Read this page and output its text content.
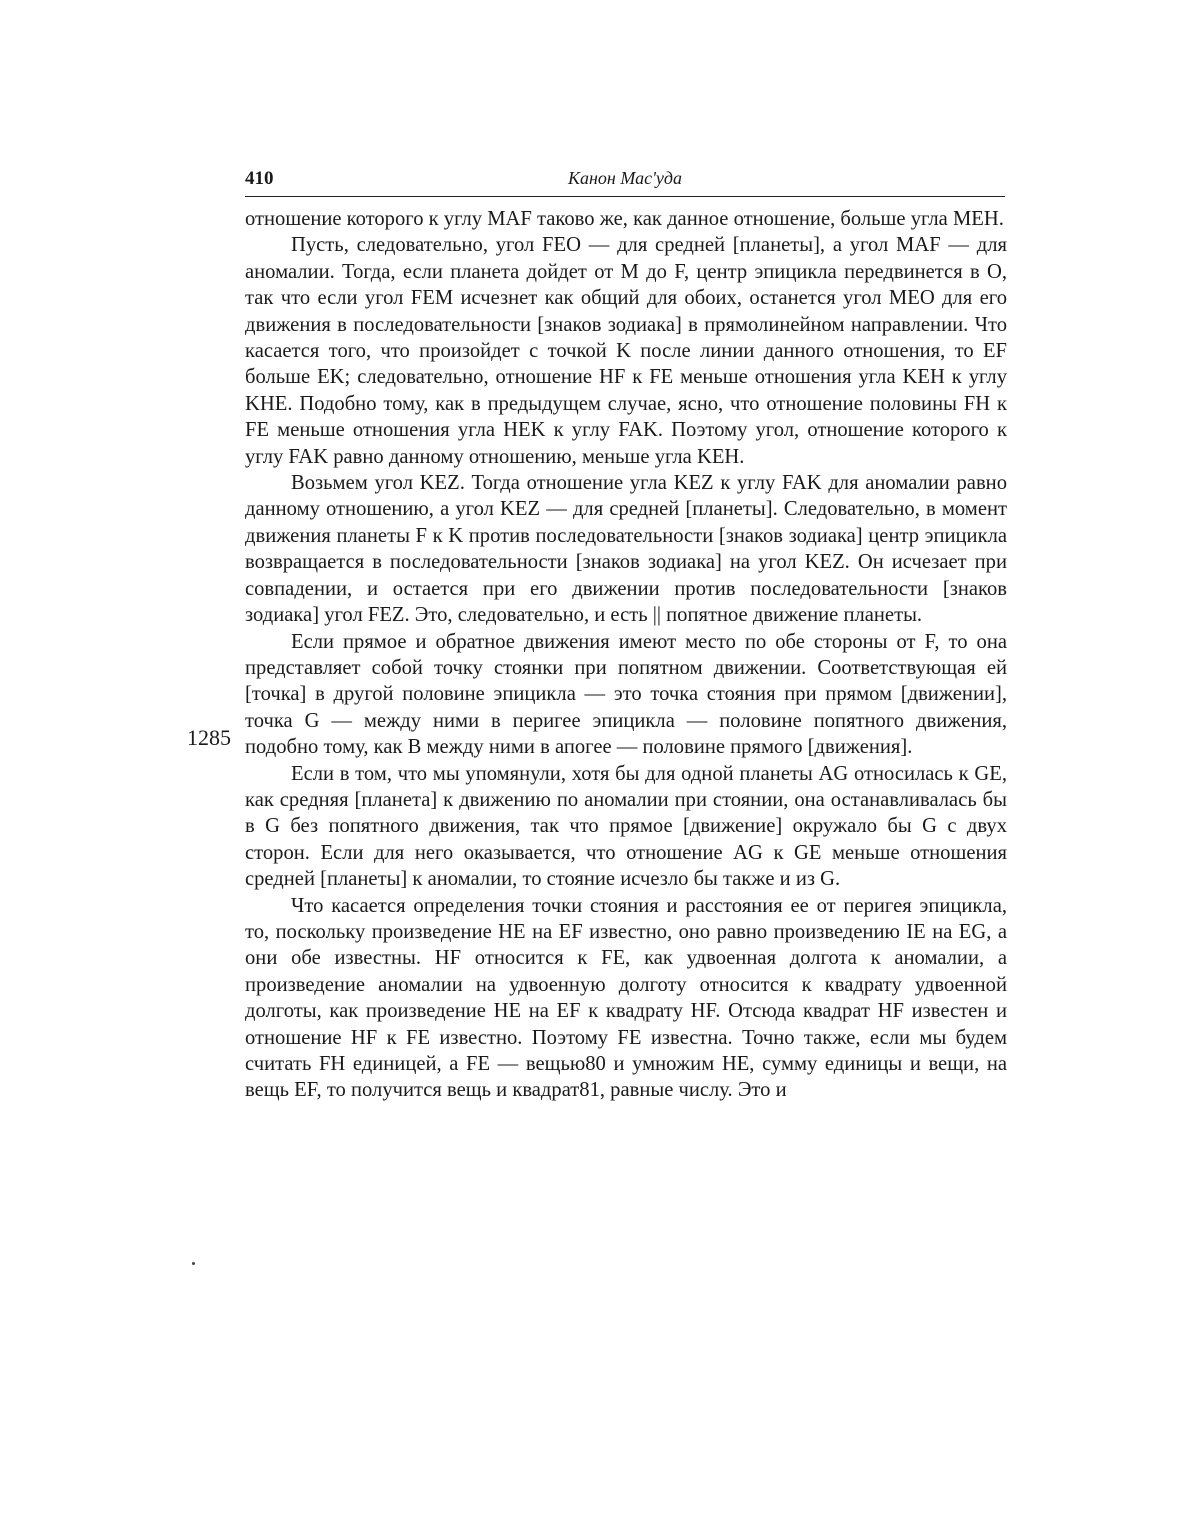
410	Канон Мас'уда
1285

отношение которого к углу MAF таково же, как данное отношение, больше угла MEH.

Пусть, следовательно, угол FEO — для средней [планеты], а угол MAF — для аномалии. Тогда, если планета дойдет от M до F, центр эпицикла передвинется в O, так что если угол FEM исчезнет как общий для обоих, останется угол MEO для его движения в последовательности [знаков зодиака] в прямолинейном направлении. Что касается того, что произойдет с точкой K после линии данного отношения, то EF больше EK; следовательно, отношение HF к FE меньше отношения угла KEH к углу KHE. Подобно тому, как в предыдущем случае, ясно, что отношение половины FH к FE меньше отношения угла HEK к углу FAK. Поэтому угол, отношение которого к углу FAK равно данному отношению, меньше угла KEH.

Возьмем угол KEZ. Тогда отношение угла KEZ к углу FAK для аномалии равно данному отношению, а угол KEZ — для средней [планеты]. Следовательно, в момент движения планеты F к K против последовательности [знаков зодиака] центр эпицикла возвращается в последовательности [знаков зодиака] на угол KEZ. Он исчезает при совпадении, и остается при его движении против последовательности [знаков зодиака] угол FEZ. Это, следовательно, и есть || попятное движение планеты.

Если прямое и обратное движения имеют место по обе стороны от F, то она представляет собой точку стоянки при попятном движении. Соответствующая ей [точка] в другой половине эпицикла — это точка стояния при прямом [движении], точка G — между ними в перигее эпицикла — половине попятного движения, подобно тому, как B между ними в апогее — половине прямого [движения].

Если в том, что мы упомянули, хотя бы для одной планеты AG относилась к GE, как средняя [планета] к движению по аномалии при стоянии, она останавливалась бы в G без попятного движения, так что прямое [движение] окружало бы G с двух сторон. Если для него оказывается, что отношение AG к GE меньше отношения средней [планеты] к аномалии, то стояние исчезло бы также и из G.

Что касается определения точки стояния и расстояния ее от перигея эпицикла, то, поскольку произведение HE на EF известно, оно равно произведению IE на EG, а они обе известны. HF относится к FE, как удвоенная долгота к аномалии, а произведение аномалии на удвоенную долготу относится к квадрату удвоенной долготы, как произведение HE на EF к квадрату HF. Отсюда квадрат HF известен и отношение HF к FE известно. Поэтому FE известна. Точно также, если мы будем считать FH единицей, а FE — вещью80 и умножим HE, сумму единицы и вещи, на вещь EF, то получится вещь и квадрат81, равные числу. Это и
